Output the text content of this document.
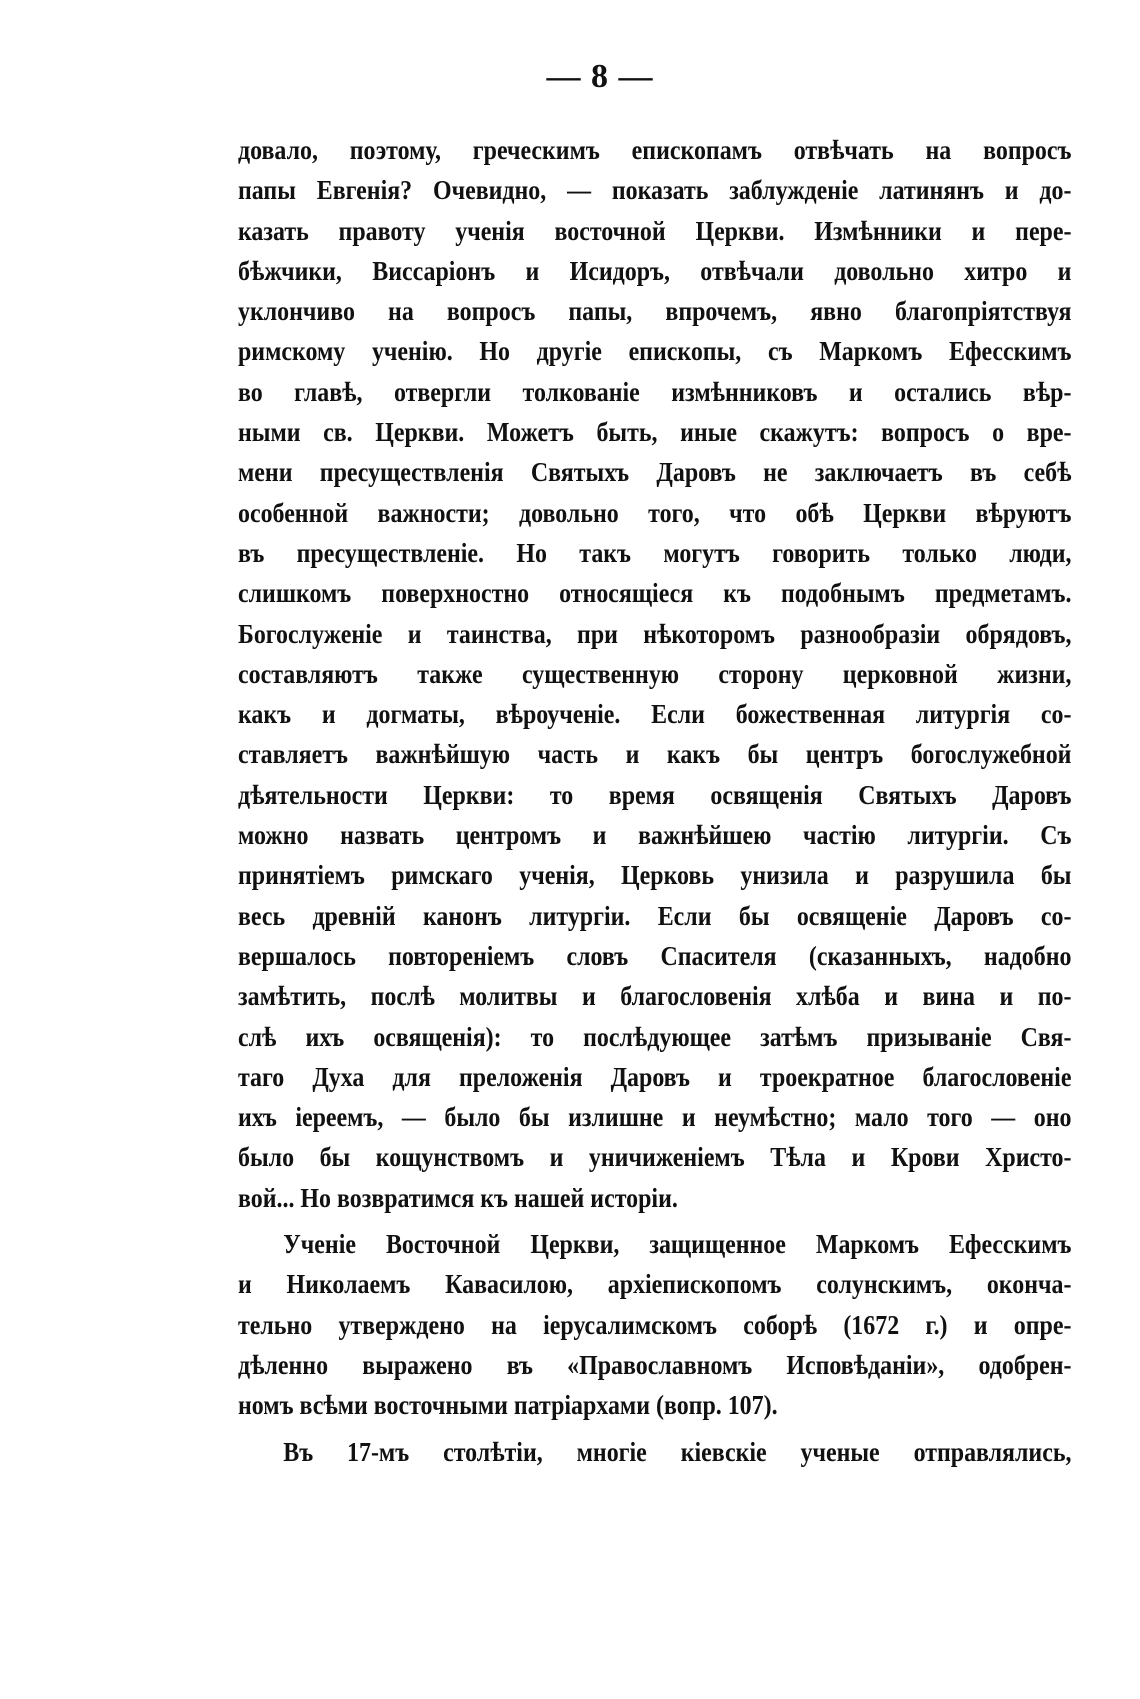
— 8 —
довало, поэтому, греческимъ епископамъ отвѣчать на вопросъ
папы Евгенія? Очевидно, — показать заблужденіе латинянъ и до-
казать правоту ученія восточной Церкви. Измѣнники и пере-
бѣжчики, Виссаріонъ и Исидоръ, отвѣчали довольно хитро и
уклончиво на вопросъ папы, впрочемъ, явно благопріятствуя
римскому ученію. Но другіе епископы, съ Маркомъ Ефесскимъ
во главѣ, отвергли толкованіе измѣнниковъ и остались вѣр-
ными св. Церкви. Можетъ быть, иные скажутъ: вопросъ о вре-
мени пресуществленія Святыхъ Даровъ не заключаетъ въ себѣ
особенной важности; довольно того, что обѣ Церкви вѣруютъ
въ пресуществленіе. Но такъ могутъ говорить только люди,
слишкомъ поверхностно относящіеся къ подобнымъ предметамъ.
Богослуженіе и таинства, при нѣкоторомъ разнообразіи обрядовъ,
составляютъ также существенную сторону церковной жизни,
какъ и догматы, вѣроученіе. Если божественная литургія со-
ставляетъ важнѣйшую часть и какъ бы центръ богослужебной
дѣятельности Церкви: то время освященія Святыхъ Даровъ
можно назвать центромъ и важнѣйшею частію литургіи. Съ
принятіемъ римскаго ученія, Церковь унизила и разрушила бы
весь древній канонъ литургіи. Если бы освященіе Даровъ со-
вершалось повтореніемъ словъ Спасителя (сказанныхъ, надобно
замѣтить, послѣ молитвы и благословенія хлѣба и вина и по-
слѣ ихъ освященія): то послѣдующее затѣмъ призываніе Свя-
таго Духа для преложенія Даровъ и троекратное благословеніе
ихъ іереемъ, — было бы излишне и неумѣстно; мало того — оно
было бы кощунствомъ и уничиженіемъ Тѣла и Крови Христо-
вой... Но возвратимся къ нашей исторіи.
Ученіе Восточной Церкви, защищенное Маркомъ Ефесскимъ
и Николаемъ Кавасилою, архіепископомъ солунскимъ, оконча-
тельно утверждено на іерусалимскомъ соборѣ (1672 г.) и опре-
дѣленно выражено въ «Православномъ Исповѣданіи», одобрен-
номъ всѣми восточными патріархами (вопр. 107).
Въ 17-мъ столѣтіи, многіе кіевскіе ученые отправлялись,
